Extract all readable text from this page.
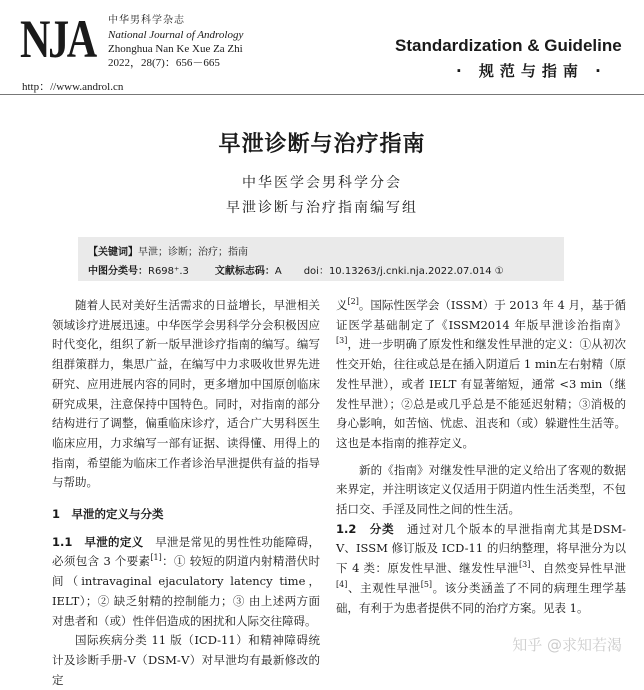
NJA 中华男科学杂志
National Journal of Andrology
Zhonghua Nan Ke Xue Za Zhi
2022，28(7)：656－665
http：//www.androl.cn
Standardization & Guideline
· 规范与指南 ·
早泄诊断与治疗指南
中华医学会男科学分会
早泄诊断与治疗指南编写组
【关键词】早泄；诊断；治疗；指南
中图分类号：R698⁺.3	文献标志码：A doi：10.13263/j.cnki.nja.2022.07.014 ①

随着人民对美好生活需求的日益增长，早泄相关领域诊疗进展迅速。中华医学会男科学分会积极因应时代变化，组织了新一版早泄诊疗指南的编写。编写组群策群力，集思广益，在编写中力求吸收世界先进研究、应用进展内容的同时，更多增加中国原创临床研究成果，注意保持中国特色。同时，对指南的部分结构进行了调整，偏重临床诊疗，适合广大男科医生临床应用，力求编写一部有证据、读得懂、用得上的指南，希望能为临床工作者诊治早泄提供有益的指导与帮助。

1　早泄的定义与分类

1.1　早泄的定义　早泄是常见的男性性功能障碍，必须包含 3 个要素[1]：① 较短的阴道内射精潜伏时间（intravaginal ejaculatory latency time，IELT）；② 缺乏射精的控制能力；③ 由上述两方面对患者和（或）性伴侣造成的困扰和人际交往障碍。

国际疾病分类 11 版（ICD-11）和精神障碍统计及诊断手册-Ⅴ（DSM-Ⅴ）对早泄均有最新修改的定

义[2]。国际性医学会（ISSM）于 2013 年 4 月，基于循证医学基础制定了《ISSM2014 年版早泄诊治指南》[3]，进一步明确了原发性和继发性早泄的定义：①从初次性交开始，往往或总是在插入阴道后 1 min左右射精（原发性早泄），或者 IELT 有显著缩短，通常 <3 min（继发性早泄）；②总是或几乎总是不能延迟射精；③消极的身心影响，如苦恼、忧虑、沮丧和（或）躲避性生活等。这也是本指南的推荐定义。

新的《指南》对继发性早泄的定义给出了客观的数据来界定，并注明该定义仅适用于阴道内性生活类型，不包括口交、手淫及同性之间的性生活。

1.2　分类　通过对几个版本的早泄指南尤其是DSM-Ⅴ、ISSM 修订版及 ICD-11 的归纳整理，将早泄分为以下 4 类：原发性早泄、继发性早泄[3]、自然变异性早泄[4]、主观性早泄[5]。该分类涵盖了不同的病理生理学基础，有利于为患者提供不同的治疗方案。见表 1。

知乎 @求知若渴
